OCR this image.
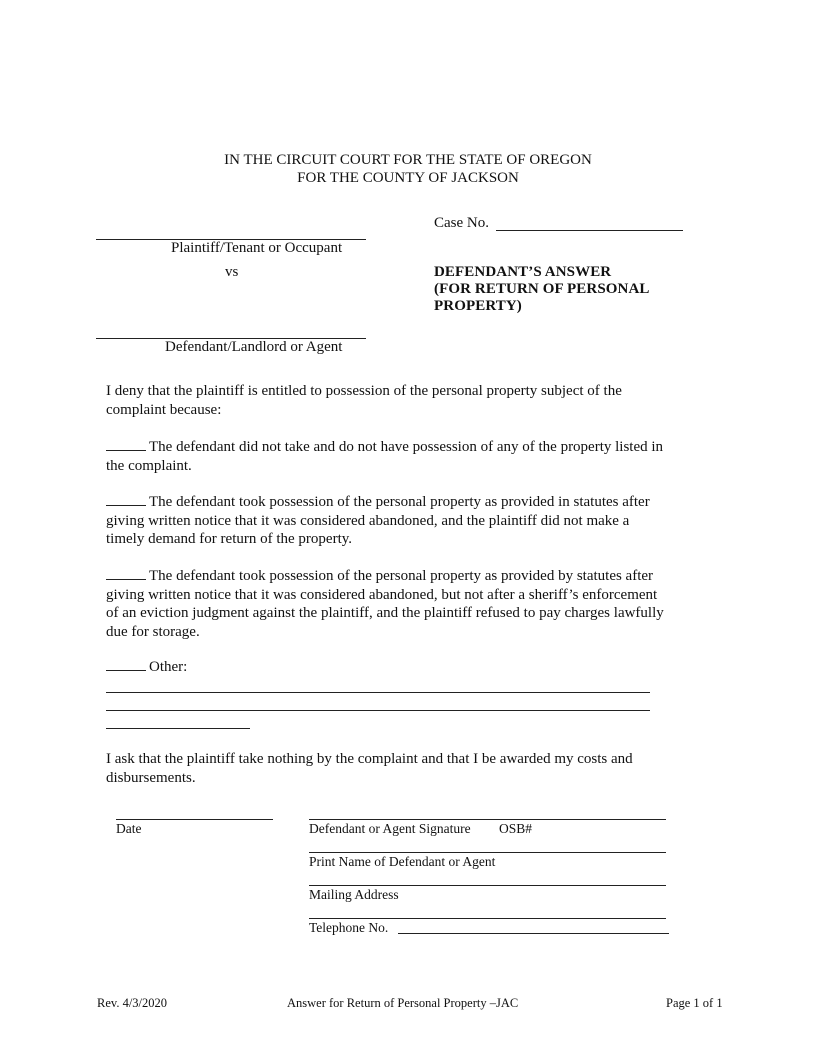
IN THE CIRCUIT COURT FOR THE STATE OF OREGON
FOR THE COUNTY OF JACKSON
Plaintiff/Tenant or Occupant
vs
Defendant/Landlord or Agent
Case No.
DEFENDANT’S ANSWER
(FOR RETURN OF PERSONAL
PROPERTY)
I deny that the plaintiff is entitled to possession of the personal property subject of the complaint because:
The defendant did not take and do not have possession of any of the property listed in the complaint.
The defendant took possession of the personal property as provided in statutes after giving written notice that it was considered abandoned, and the plaintiff did not make a timely demand for return of the property.
The defendant took possession of the personal property as provided by statutes after giving written notice that it was considered abandoned, but not after a sheriff’s enforcement of an eviction judgment against the plaintiff, and the plaintiff refused to pay charges lawfully due for storage.
Other:
I ask that the plaintiff take nothing by the complaint and that I be awarded my costs and disbursements.
Date	Defendant or Agent Signature OSB#
Print Name of Defendant or Agent
Mailing Address
Telephone No.
Rev. 4/3/2020	Answer for Return of Personal Property –JAC	Page 1 of 1
